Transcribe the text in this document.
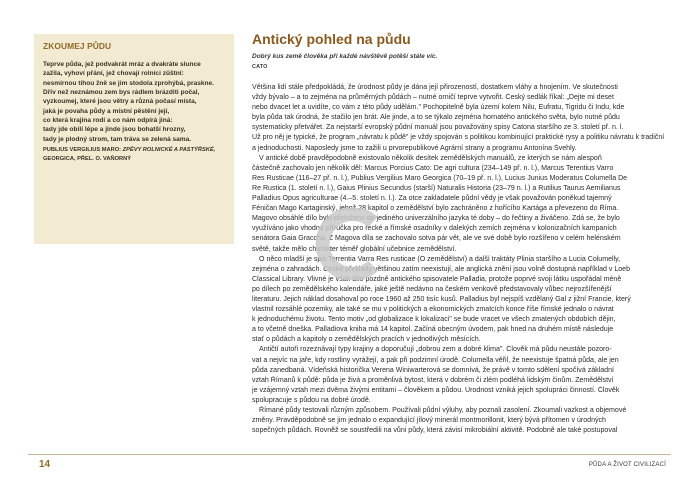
ZKOUMEJ PŮDU
Teprve půda, jež podvakrát mráz a dvakráte slunce
zažila, vyhoví přání, jež chovají rolníci züštní:
nesmírnou tíhou žně se jim stodola zprohýbá, praskne.
Dřív než neznámou zem bys rádlem brázditi počal,
vyzkoumej, které jsou větry a různá počasí místa,
jaká je povaha půdy a místní pěstění její,
co která krajina rodí a co nám odpírá jiná:
tady jde obilí lépe a jinde jsou bohatší hrozny,
tady je plodný strom, tam tráva se zelená sama.
PUBLIUS VERGILIUS MARO: ZPĚVY ROLNICKÉ A PASTÝŘSKÉ,
GEORGICA, PŘEL. O. VAŇORNÝ
Antický pohled na půdu
Dobrý kus země člověka při každé návštěvě potěší stále víc.
CATO
Většina lidí stále předpokládá, že úrodnost půdy je dána její přirozeností, dostatkem vláhy a hnojením. Ve skutečnosti
vždy bývalo – a to zejména na průměrných půdách – nutné orničí teprve vytvořit. Český sedlák říkal: „Dejte mi deset
nebo dvacet let a uvidíte, co vám z této půdy udělám." Pochopitelně byla území kolem Nilu, Eufratu, Tigridu či Indu, kde
byla půda tak úrodná, že stačilo jen brát. Ale jinde, a to se týkalo zejména hornatého antického světa, bylo nutné půdu
systematicky přetvářet. Za nejstarší evropský půdní manuál jsou považovány spisy Catona staršího ze 3. století př. n. l.
Už pro něj je typické, že program „návratu k půdě" je vždy spojován s politikou kombinující praktické rysy a politiku návratu k tradiční
a jednoduchosti. Naposledy jsme to zažili u prvorepublikové Agrární strany a programu Antonína Švehly.
V antické době pravděpodobně existovalo několik desítek zemědělských manuálů, ze kterých se nám alespoň
částečně zachovalo jen několik děl: Marcus Porcius Cato: De agri cultura (234–149 př. n. l.), Marcus Terentius Varro
Res Rusticae (116–27 př. n. l.), Publius Vergilius Maro Georgica (70–19 př. n. l.), Lucius Junius Moderatus Columella De
Re Rustica (1. století n. l.), Gaius Plinius Secundus (starší) Naturalis Historia (23–79 n. l.) a Rutilius Taurus Aemilianus
Palladius Opus agriculturae (4.–5. století n. l.). Za otce zakladatele půdní vědy je však považován poněkud tajemný
Féničan Mago Kartaginský, jehož 28 kapitol o zemědělství bylo zachráněno z hořícího Kartága a převezeno do Říma.
Magovo obsáhlé dílo bylo přeloženo do jediného univerzálního jazyka té doby – do řečtiny a živáčeno. Zdá se, že bylo
využíváno jako vhodná příručka pro řecké a římské osadníky v dalekých zemích zejména v kolonizačních kampaních
senátora Gaia Graccha. Z Magova díla se zachovalo sotva pár vět, ale ve své době bylo rozšířeno v celém helénském
světě, takže mělo charakter téměř globální učebnice zemědělství.
O něco mladší je spis Terrentia Varra Res rusticae (O zemědělství) a další traktáty Plinia staršího a Lucia Columelly,
zejména o zahradách. České překlady většinou zatím neexistují, ale anglická znění jsou volně dostupná například v Loeb
Classical Library. Vlivné je však dílo pozdně antického spisovatele Palladia, protože poprvé svoji látku uspořádal méně
po dílech po zemědělského kalendáře, jaké ještě nedávno na českém venkově představovaly vůbec nejrozšířenější
literaturu. Jejich náklad dosahoval po roce 1960 až 250 tisíc kusů. Palladius byl nejspíš vzdělaný Gal z jižní Francie, který
vlastnil rozsáhlé pozemky, ale také se mu v politických a ekonomických zmatcích konce říše římské jednalo o návrat
k jednoduchému životu. Tento motiv „od globalizace k lokalizaci" se bude vracet ve všech zmatených obdobích dějin,
a to včetně dneška. Palladiova kniha má 14 kapitol. Začíná obecným úvodem, pak hned na druhém místě následuje
stať o půdách a kapitoly o zemědělských pracích v jednotlivých měsících.
Antičtí autoři rozeznávají typy krajiny a doporučují „dobrou zem a dobré klima". Člověk má půdu neustále pozoro-
vat a nejvíc na jaře, kdy rostliny vyrážejí, a pak při podzimní úrodě. Columella věřil, že neexistuje špatná půda, ale jen
půda zanedbaná. Vídeňská historička Verena Winiwarterová se domnívá, že právě v tomto sdělení spočívá základní
vztah Římanů k půdě: půda je živá a proměnlivá bytost, která v dobrém či zlém podléhá lidským činům. Zemědělství
je vzájemný vztah mezi dvěma živými entitami – člověkem a půdou. Úrodnost vzniká jejich spolupráci činností. Člověk
spolupracuje s půdou na dobré úrodě.
Římané půdy testovali různým způsobem. Používali půdní výluhy, aby poznali zasolení. Zkoumali vazkost a objemové
změny. Pravděpodobně se jim jednalo o expandující jílový minerál montmorillonit, který bývá přítomen v úrodných
sopečných půdách. Rovněž se soustředili na vůni půdy, která závisí mikrobiální aktivitě. Podobně ale také postupoval
14	PŮDA A ŽIVOT CIVILIZACÍ
